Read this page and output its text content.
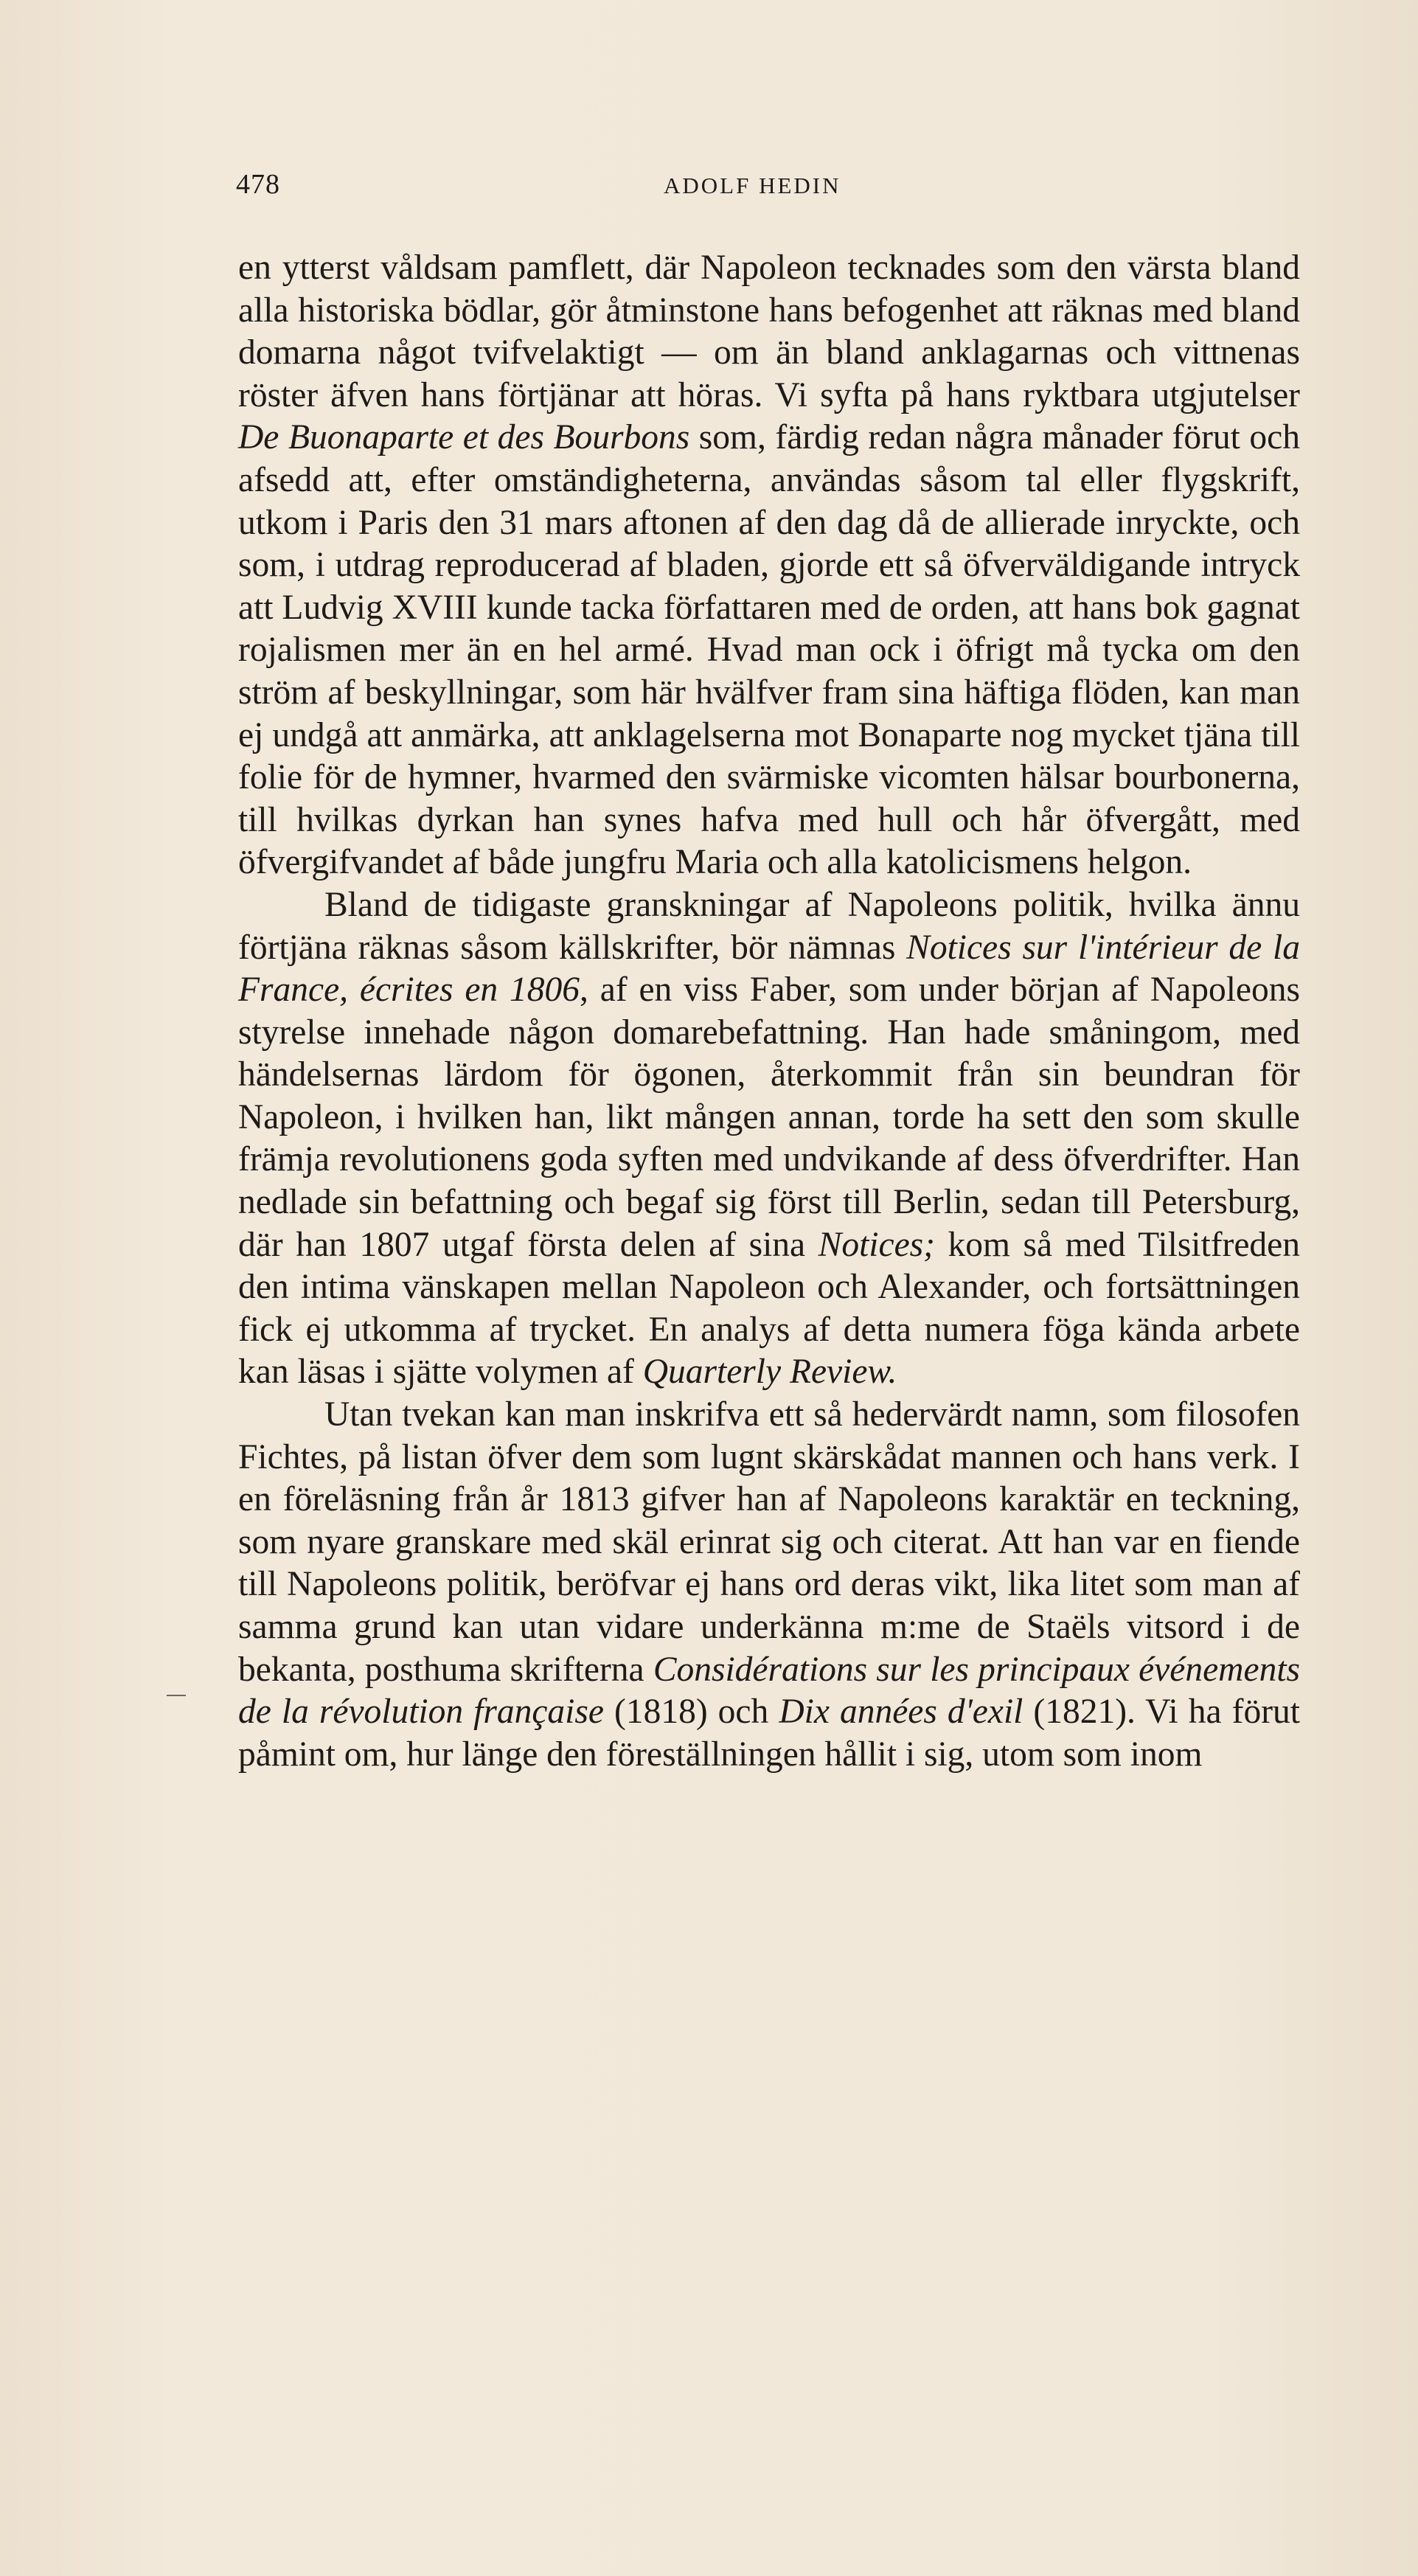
478	ADOLF HEDIN

en ytterst våldsam pamflett, där Napoleon tecknades som den värsta bland alla historiska bödlar, gör åtminstone hans befogenhet att räknas med bland domarna något tvifvelaktigt — om än bland anklagarnas och vittnenas röster äfven hans förtjänar att höras. Vi syfta på hans ryktbara utgjutelser De Buonaparte et des Bourbons som, färdig redan några månader förut och afsedd att, efter omständigheterna, användas såsom tal eller flygskrift, utkom i Paris den 31 mars aftonen af den dag då de allierade inryckte, och som, i utdrag reproducerad af bladen, gjorde ett så öfverväldigande intryck att Ludvig XVIII kunde tacka författaren med de orden, att hans bok gagnat rojalismen mer än en hel armé. Hvad man ock i öfrigt må tycka om den ström af beskyllningar, som här hvälfver fram sina häftiga flöden, kan man ej undgå att anmärka, att anklagelserna mot Bonaparte nog mycket tjäna till folie för de hymner, hvarmed den svärmiske vicomten hälsar bourbonerna, till hvilkas dyrkan han synes hafva med hull och hår öfvergått, med öfvergifvandet af både jungfru Maria och alla katolicismens helgon.

Bland de tidigaste granskningar af Napoleons politik, hvilka ännu förtjäna räknas såsom källskrifter, bör nämnas Notices sur l'intérieur de la France, écrites en 1806, af en viss Faber, som under början af Napoleons styrelse innehade någon domarebefattning. Han hade småningom, med händelsernas lärdom för ögonen, återkommit från sin beundran för Napoleon, i hvilken han, likt mången annan, torde ha sett den som skulle främja revolutionens goda syften med undvikande af dess öfverdrifter. Han nedlade sin befattning och begaf sig först till Berlin, sedan till Petersburg, där han 1807 utgaf första delen af sina Notices; kom så med Tilsitfreden den intima vänskapen mellan Napoleon och Alexander, och fortsättningen fick ej utkomma af trycket. En analys af detta numera föga kända arbete kan läsas i sjätte volymen af Quarterly Review.

Utan tvekan kan man inskrifva ett så hedervärdt namn, som filosofen Fichtes, på listan öfver dem som lugnt skärskådat mannen och hans verk. I en föreläsning från år 1813 gifver han af Napoleons karaktär en teckning, som nyare granskare med skäl erinrat sig och citerat. Att han var en fiende till Napoleons politik, beröfvar ej hans ord deras vikt, lika litet som man af samma grund kan utan vidare underkänna m:me de Staëls vitsord i de bekanta, posthuma skrifterna Considérations sur les principaux événements de la révolution française (1818) och Dix années d'exil (1821). Vi ha förut påmint om, hur länge den föreställningen hållit i sig, utom som inom
